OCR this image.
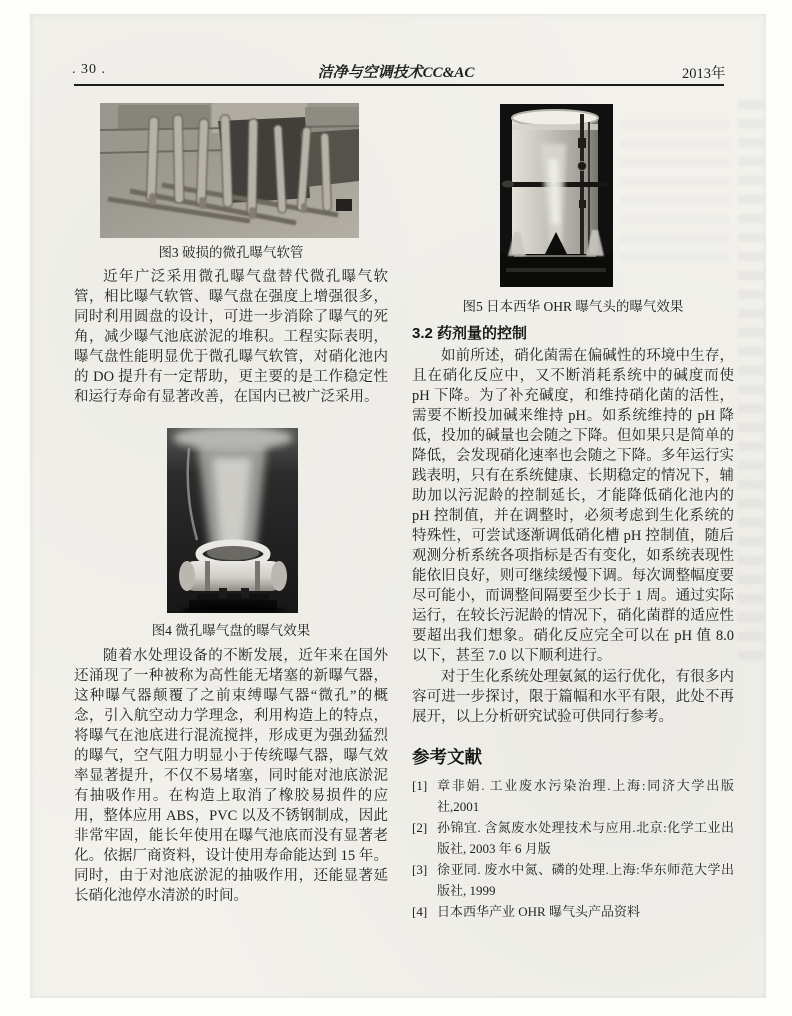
. 30 .	洁净与空调技术CC&AC	2013年
图3 破损的微孔曝气软管
近年广泛采用微孔曝气盘替代微孔曝气软管，相比曝气软管、曝气盘在强度上增强很多，同时利用圆盘的设计，可进一步消除了曝气的死角，减少曝气池底淤泥的堆积。工程实际表明，曝气盘性能明显优于微孔曝气软管，对硝化池内的 DO 提升有一定帮助，更主要的是工作稳定性和运行寿命有显著改善，在国内已被广泛采用。
图4 微孔曝气盘的曝气效果
随着水处理设备的不断发展，近年来在国外还涌现了一种被称为高性能无堵塞的新曝气器，这种曝气器颠覆了之前束缚曝气器“微孔”的概念，引入航空动力学理念，利用构造上的特点，将曝气在池底进行混流搅拌，形成更为强劲猛烈的曝气，空气阻力明显小于传统曝气器，曝气效率显著提升，不仅不易堵塞，同时能对池底淤泥有抽吸作用。在构造上取消了橡胶易损件的应用，整体应用 ABS，PVC 以及不锈钢制成，因此非常牢固，能长年使用在曝气池底而没有显著老化。依据厂商资料，设计使用寿命能达到 15 年。同时，由于对池底淤泥的抽吸作用，还能显著延长硝化池停水清淤的时间。
图5 日本西华 OHR 曝气头的曝气效果
3.2 药剂量的控制
如前所述，硝化菌需在偏碱性的环境中生存，且在硝化反应中，又不断消耗系统中的碱度而使 pH 下降。为了补充碱度，和维持硝化菌的活性，需要不断投加碱来维持 pH。如系统维持的 pH 降低，投加的碱量也会随之下降。但如果只是简单的降低，会发现硝化速率也会随之下降。多年运行实践表明，只有在系统健康、长期稳定的情况下，辅助加以污泥龄的控制延长，才能降低硝化池内的 pH 控制值，并在调整时，必须考虑到生化系统的特殊性，可尝试逐渐调低硝化槽 pH 控制值，随后观测分析系统各项指标是否有变化，如系统表现性能依旧良好，则可继续缓慢下调。每次调整幅度要尽可能小，而调整间隔要至少长于 1 周。通过实际运行，在较长污泥龄的情况下，硝化菌群的适应性要超出我们想象。硝化反应完全可以在 pH 值 8.0 以下，甚至 7.0 以下顺利进行。
对于生化系统处理氨氮的运行优化，有很多内容可进一步探讨，限于篇幅和水平有限，此处不再展开，以上分析研究试验可供同行参考。
参考文献
[1] 章非娟. 工业废水污染治理.上海:同济大学出版社,2001
[2] 孙锦宜. 含氮废水处理技术与应用.北京:化学工业出版社, 2003 年 6 月版
[3] 徐亚同. 废水中氮、磷的处理.上海:华东师范大学出版社, 1999
[4] 日本西华产业 OHR 曝气头产品资料
